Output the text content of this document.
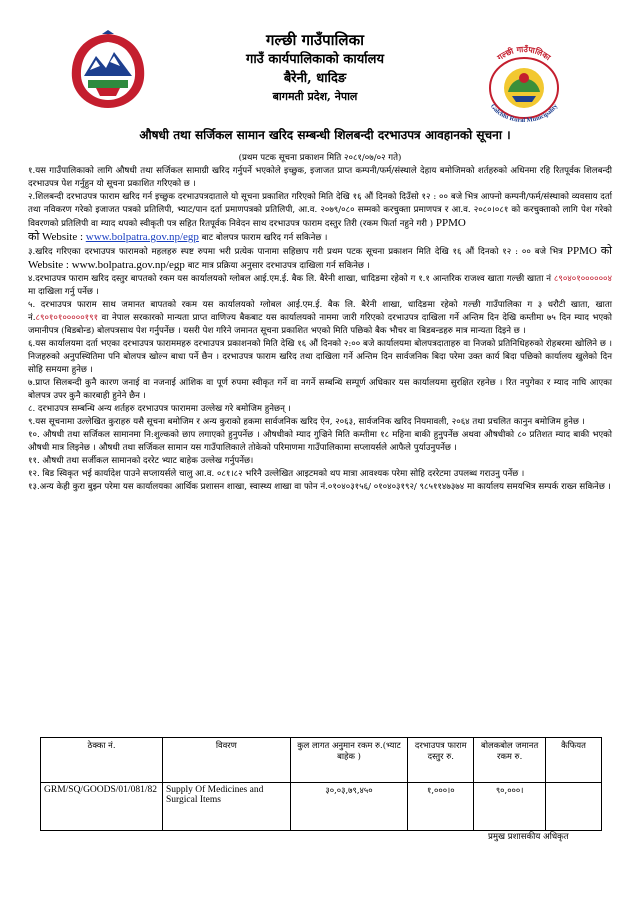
गल्छी गाउँपालिका
गाउँ कार्यपालिकाको कार्यालय
बैरेनी, धादिङ
बागमती प्रदेश, नेपाल
गल्छी गाउँपालिका
Galchhi Rural Municipality
औषधी तथा सर्जिकल सामान खरिद सम्बन्धी शिलबन्दी दरभाउपत्र आवहानको सूचना ।

(प्रथम पटक सूचना प्रकाशन मिति २०८१/०७/०२ गते)

१.यस गाउँपालिकाको लागि औषधी तथा सर्जिकल सामाग्री खरिद गर्नुपर्ने भएकोले इच्छुक, इजाजत प्राप्त कम्पनी/फर्म/संस्थाले देहाय बमोजिमको शर्तहरुको अधिनमा रहि रितपूर्वक शिलबन्दी दरभाउपत्र पेश गर्नुहुन यो सूचना प्रकाशित गरिएको छ ।

२.शिलबन्दी दरभाउपत्र फाराम खरिद गर्न इच्छुक दरभाउपत्रदाताले यो सूचना प्रकाशित गरिएको मिति देखि १६ औं दिनको दिउँसो १२ : ०० बजे भित्र आफ्नो कम्पनी/फर्म/संस्थाको व्यवसाय दर्ता तथा नविकरण गरेको इजाजत पत्रको प्रतिलिपी, भ्याट/पान दर्ता प्रमाणपत्रको प्रतिलिपी, आ.व. २०७९/०८० सम्मको करचुक्ता प्रमाणपत्र र आ.व. २०८०।०८१ को करचुक्ताको लागि पेश गरेको विवरणको प्रतिलिपी वा म्याद थपको स्वीकृती पत्र सहित रितपूर्वक निवेदन साथ दरभाउपत्र फाराम दस्तुर तिरी (रकम फिर्ता नहुने गरी ) PPMO
को Website : www.bolpatra.gov.np/egp बाट बोलपत्र फाराम खरिद गर्न सकिनेछ ।

३.खरिद गरिएका दरभाउपत्र फारामको महलहरु स्पष्ट रुपमा भरी प्रत्येक पानामा सहिछाप गरी प्रथम पटक सूचना प्रकाशन मिति देखि १६ औं दिनको १२ : ०० बजे भित्र PPMO को Website : www.bolpatra.gov.np/egp बाट मात्र प्रक्रिया अनुसार दरभाउपत्र दाखिला गर्न सकिनेछ ।

४.दरभाउपत्र फाराम खरिद दस्तुर बापतको रकम यस कार्यालयको ग्लोबल आई.एम.ई. बैक लि. बैरेनी शाखा, धादिङमा रहेको ग १.१ आन्तरिक राजश्व खाता गल्छी खाता नं ८९०४०१००००००४ मा दाखिला गर्नु पर्नेछ ।

५. दरभाउपत्र फाराम साथ जमानत बापतको रकम यस कार्यालयको ग्लोबल आई.एम.ई. बैक लि. बैरेनी शाखा, धादिङमा रहेको गल्छी गाउँपालिका ग ३ धरौटी खाता, खाता नं.८९०१०१०००००१९१ वा नेपाल सरकारको मान्यता प्राप्त वाणिज्य बैकबाट यस कार्यालयको नाममा जारी गरिएको दरभाउपत्र दाखिला गर्ने अन्तिम दिन देखि कम्तीमा ७५ दिन म्याद भएको जमानीपत्र (बिडबोन्ड) बोलपत्रसाथ पेश गर्नुपर्नेछ । यसरी पेश गरिने जमानत सूचना प्रकाशित भएको मिति पछिको बैक भौचर वा बिडबन्डहरु मात्र मान्यता दिइने छ ।

६.यस कार्यालयमा दर्ता भएका दरभाउपत्र फाराममहरु दरभाउपत्र प्रकाशनको मिति देखि १६ औं दिनको २:०० बजे कार्यालयमा बोलपत्रदाताहरु वा निजको प्रतिनिधिहरुको रोहबरमा खोलिने छ । निजहरुको अनुपस्थितिमा पनि बोलपत्र खोल्न बाधा पर्ने छैन । दरभाउपत्र फाराम खरिद तथा दाखिला गर्ने अन्तिम दिन सार्वजनिक बिदा परेमा उक्त कार्य बिदा पछिको कार्यालय खुलेको दिन सोहि समयमा हुनेछ ।

७.प्राप्त सिलबन्दी कुनै कारण जनाई वा नजनाई आंशिक वा पूर्ण रुपमा स्वीकृत गर्ने वा नगर्ने सम्बन्धि सम्पूर्ण अधिकार यस कार्यालयमा सुरक्षित रहनेछ । रित नपुगेका र म्याद नाघि आएका बोलपत्र उपर कुनै कारबाही हुनेने छैन ।

८. दरभाउपत्र सम्बन्धि अन्य शर्तहरु दरभाउपत्र फाराममा उल्लेख गरे बमोजिम हुनेछन् ।

९.यस सूचनामा उल्लेखित कुराहरु यसै सूचना बमोजिम र अन्य कुराको हकमा सार्वजनिक खरिद ऐन, २०६३, सार्वजनिक खरिद नियमावली, २०६४ तथा प्रचलित कानुन बमोजिम हुनेछ ।

१०. औषधी तथा सर्जिकल सामानमा नि:शुल्कको छाप लगाएको हुनुपर्नेछ । औषधीको म्याद गुज्रिने मिति कम्तीमा १८ महिना बाकी हुनुपर्नेछ अथवा औषधीको ८० प्रतिशत म्याद बाकी भएको औषधी मात्र लिइनेछ । औषधी तथा सर्जिकल सामान यस गाउँपालिकाले तोकेको परिमाणमा गाउँपालिकामा सप्लायर्सले आफैले पुर्याउनुपर्नेछ ।

११. औषधी तथा सर्जीकल सामानको दररेट भ्याट बाहेक उल्लेख गर्नुपर्नेछ।

१२. बिड स्विकृत भई कार्यादेश पाउने सप्लायर्सले चालु आ.व. ०८१।८२ भरिनै उल्लेखित आइटमको थप मात्रा आवश्यक परेमा सोहि दररेटमा उपलब्ध गराउनु पर्नेछ ।

१३.अन्य केही कुरा बुझ्न परेमा यस कार्यालयका आर्थिक प्रशासन शाखा, स्वास्थ्य शाखा वा फोन नं.०१०४०३१५६/ ०१०४०३१९२/ ९८५११४७३७४ मा कार्यालय समयभित्र सम्पर्क राख्न सकिनेछ ।

ठेक्का नं.	विवरण	कुल लागत अनुमान रकम रु.(भ्याट बाहेक )	दरभाउपत्र फाराम दस्तुर रु.	बोलकबोल जमानत रकम रु.	कैफियत
GRM/SQ/GOODS/01/081/82	Supply Of Medicines and Surgical Items	३०,०३,७९,४५०	१,०००।०	९०,०००।	
प्रमुख प्रशासकीय अधिकृत
